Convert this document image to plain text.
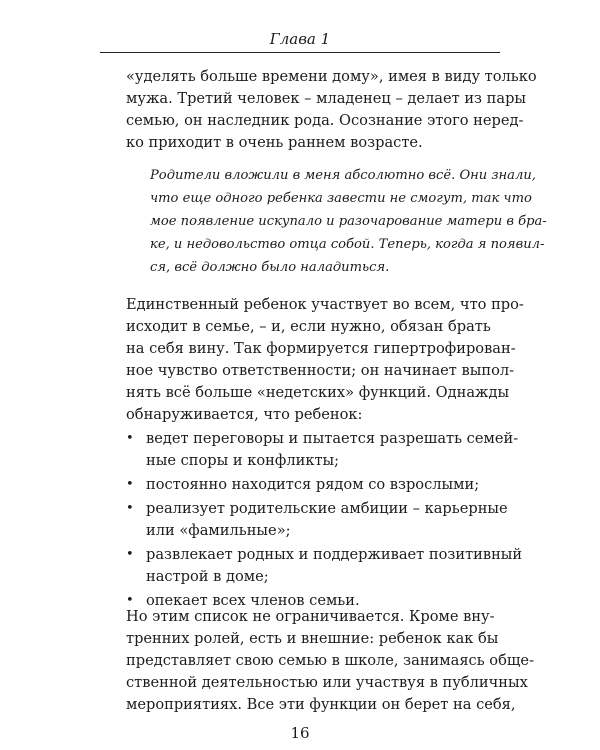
Глава 1
«уделять больше времени дому», имея в виду только
мужа. Третий человек – младенец – делает из пары
семью, он наследник рода. Осознание этого неред-
ко приходит в очень раннем возрасте.
Родители вложили в меня абсолютно всё. Они знали,
что еще одного ребенка завести не смогут, так что
мое появление искупало и разочарование матери в бра-
ке, и недовольство отца собой. Теперь, когда я появил-
ся, всё должно было наладиться.
Единственный ребенок участвует во всем, что про-
исходит в семье, – и, если нужно, обязан брать
на себя вину. Так формируется гипертрофирован-
ное чувство ответственности; он начинает выпол-
нять всё больше «недетских» функций. Однажды
обнаруживается, что ребенок:
• ведет переговоры и пытается разрешать семей-
ные споры и конфликты;
• постоянно находится рядом со взрослыми;
• реализует родительские амбиции – карьерные
или «фамильные»;
• развлекает родных и поддерживает позитивный
настрой в доме;
• опекает всех членов семьи.
Но этим список не ограничивается. Кроме вну-
тренних ролей, есть и внешние: ребенок как бы
представляет свою семью в школе, занимаясь обще-
ственной деятельностью или участвуя в публичных
мероприятиях. Все эти функции он берет на себя,
16
